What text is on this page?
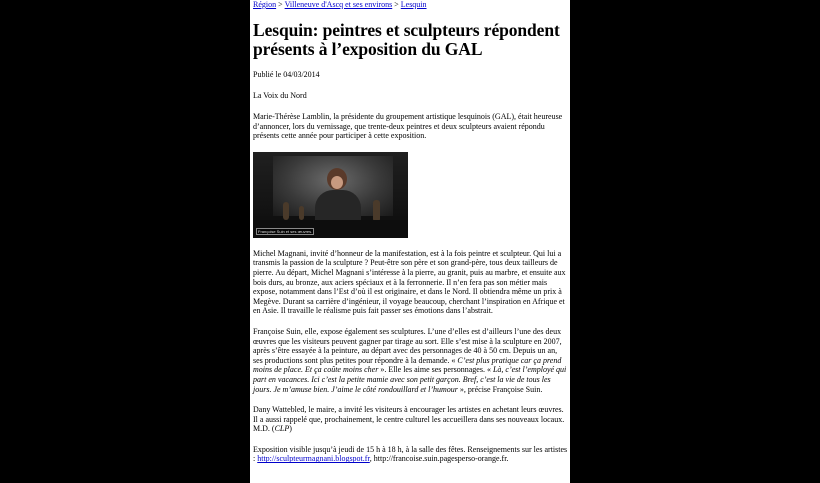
Région > Villeneuve d'Ascq et ses environs > Lesquin
Lesquin: peintres et sculpteurs répondent présents à l’exposition du GAL
Publié le 04/03/2014
La Voix du Nord

Marie-Thérèse Lamblin, la présidente du groupement artistique lesquinois (GAL), était heureuse d’annoncer, lors du vernissage, que trente-deux peintres et deux sculpteurs avaient répondu présents cette année pour participer à cette exposition.

Françoise Suin et ses œuvres.

Michel Magnani, invité d’honneur de la manifestation, est à la fois peintre et sculpteur. Qui lui a transmis la passion de la sculpture ? Peut-être son père et son grand-père, tous deux tailleurs de pierre. Au départ, Michel Magnani s’intéresse à la pierre, au granit, puis au marbre, et ensuite aux bois durs, au bronze, aux aciers spéciaux et à la ferronnerie. Il n’en fera pas son métier mais expose, notamment dans l’Est d’où il est originaire, et dans le Nord. Il obtiendra même un prix à Megève. Durant sa carrière d’ingénieur, il voyage beaucoup, cherchant l’inspiration en Afrique et en Asie. Il travaille le réalisme puis fait passer ses émotions dans l’abstrait.

Françoise Suin, elle, expose également ses sculptures. L’une d’elles est d’ailleurs l’une des deux œuvres que les visiteurs peuvent gagner par tirage au sort. Elle s’est mise à la sculpture en 2007, après s’être essayée à la peinture, au départ avec des personnages de 40 à 50 cm. Depuis un an, ses productions sont plus petites pour répondre à la demande. « C’est plus pratique car ça prend moins de place. Et ça coûte moins cher ». Elle les aime ses personnages. « Là, c’est l’employé qui part en vacances. Ici c’est la petite mamie avec son petit garçon. Bref, c’est la vie de tous les jours. Je m’amuse bien. J’aime le côté rondouillard et l’humour », précise Françoise Suin.

Dany Wattebled, le maire, a invité les visiteurs à encourager les artistes en achetant leurs œuvres. Il a aussi rappelé que, prochainement, le centre culturel les accueillera dans ses nouveaux locaux. M.D. (CLP)

Exposition visible jusqu’à jeudi de 15 h à 18 h, à la salle des fêtes. Renseignements sur les artistes : http://sculpteurmagnani.blogspot.fr, http://francoise.suin.pagesperso-orange.fr.
